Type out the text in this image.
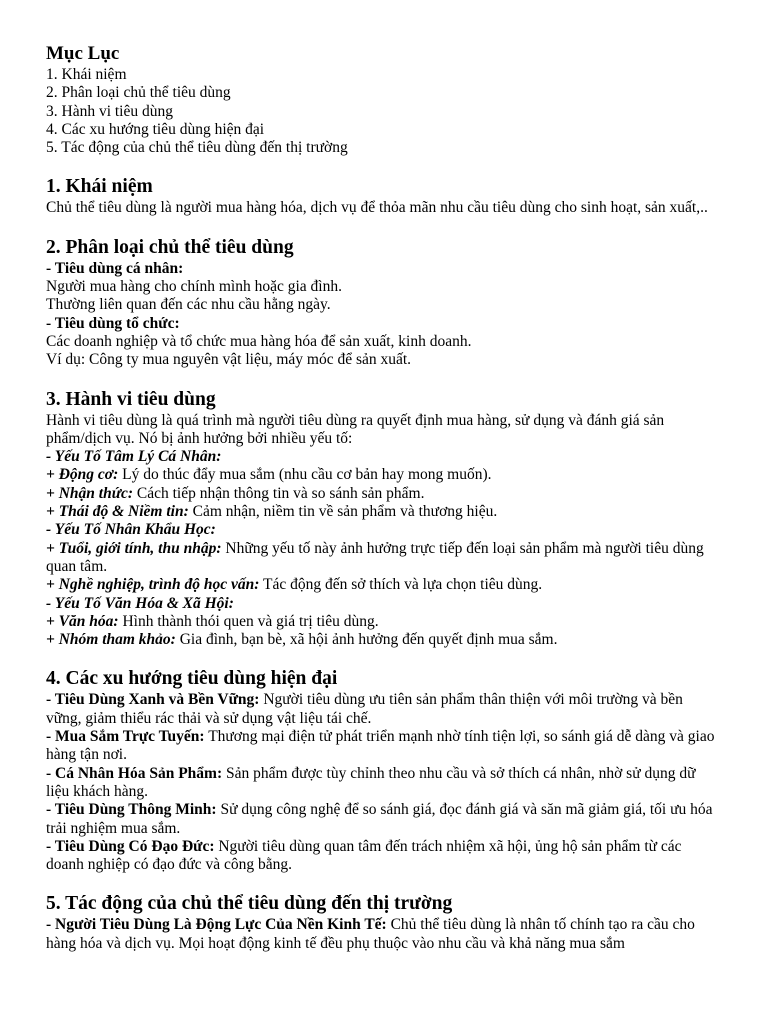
Mục Lục
1. Khái niệm
2. Phân loại chủ thể tiêu dùng
3. Hành vi tiêu dùng
4. Các xu hướng tiêu dùng hiện đại
5. Tác động của chủ thể tiêu dùng đến thị trường
1. Khái niệm

Chủ thể tiêu dùng là người mua hàng hóa, dịch vụ để thỏa mãn nhu cầu tiêu dùng cho sinh hoạt, sản xuất,..

2. Phân loại chủ thể tiêu dùng

- Tiêu dùng cá nhân:

Người mua hàng cho chính mình hoặc gia đình.

Thường liên quan đến các nhu cầu hằng ngày.

- Tiêu dùng tổ chức:

Các doanh nghiệp và tổ chức mua hàng hóa để sản xuất, kinh doanh.

Ví dụ: Công ty mua nguyên vật liệu, máy móc để sản xuất.

3. Hành vi tiêu dùng

Hành vi tiêu dùng là quá trình mà người tiêu dùng ra quyết định mua hàng, sử dụng và đánh giá sản phẩm/dịch vụ. Nó bị ảnh hưởng bởi nhiều yếu tố:

- Yếu Tố Tâm Lý Cá Nhân:

+ Động cơ: Lý do thúc đẩy mua sắm (nhu cầu cơ bản hay mong muốn).

+ Nhận thức: Cách tiếp nhận thông tin và so sánh sản phẩm.

+ Thái độ & Niềm tin: Cảm nhận, niềm tin về sản phẩm và thương hiệu.

- Yếu Tố Nhân Khẩu Học:

+ Tuổi, giới tính, thu nhập: Những yếu tố này ảnh hưởng trực tiếp đến loại sản phẩm mà người tiêu dùng quan tâm.

+ Nghề nghiệp, trình độ học vấn: Tác động đến sở thích và lựa chọn tiêu dùng.

- Yếu Tố Văn Hóa & Xã Hội:

+ Văn hóa: Hình thành thói quen và giá trị tiêu dùng.

+ Nhóm tham khảo: Gia đình, bạn bè, xã hội ảnh hưởng đến quyết định mua sắm.

4. Các xu hướng tiêu dùng hiện đại

- Tiêu Dùng Xanh và Bền Vững: Người tiêu dùng ưu tiên sản phẩm thân thiện với môi trường và bền vững, giảm thiểu rác thải và sử dụng vật liệu tái chế.

- Mua Sắm Trực Tuyến: Thương mại điện tử phát triển mạnh nhờ tính tiện lợi, so sánh giá dễ dàng và giao hàng tận nơi.

- Cá Nhân Hóa Sản Phẩm: Sản phẩm được tùy chỉnh theo nhu cầu và sở thích cá nhân, nhờ sử dụng dữ liệu khách hàng.

- Tiêu Dùng Thông Minh: Sử dụng công nghệ để so sánh giá, đọc đánh giá và săn mã giảm giá, tối ưu hóa trải nghiệm mua sắm.

- Tiêu Dùng Có Đạo Đức: Người tiêu dùng quan tâm đến trách nhiệm xã hội, ủng hộ sản phẩm từ các doanh nghiệp có đạo đức và công bằng.

5. Tác động của chủ thể tiêu dùng đến thị trường

- Người Tiêu Dùng Là Động Lực Của Nền Kinh Tế: Chủ thể tiêu dùng là nhân tố chính tạo ra cầu cho hàng hóa và dịch vụ. Mọi hoạt động kinh tế đều phụ thuộc vào nhu cầu và khả năng mua sắm
